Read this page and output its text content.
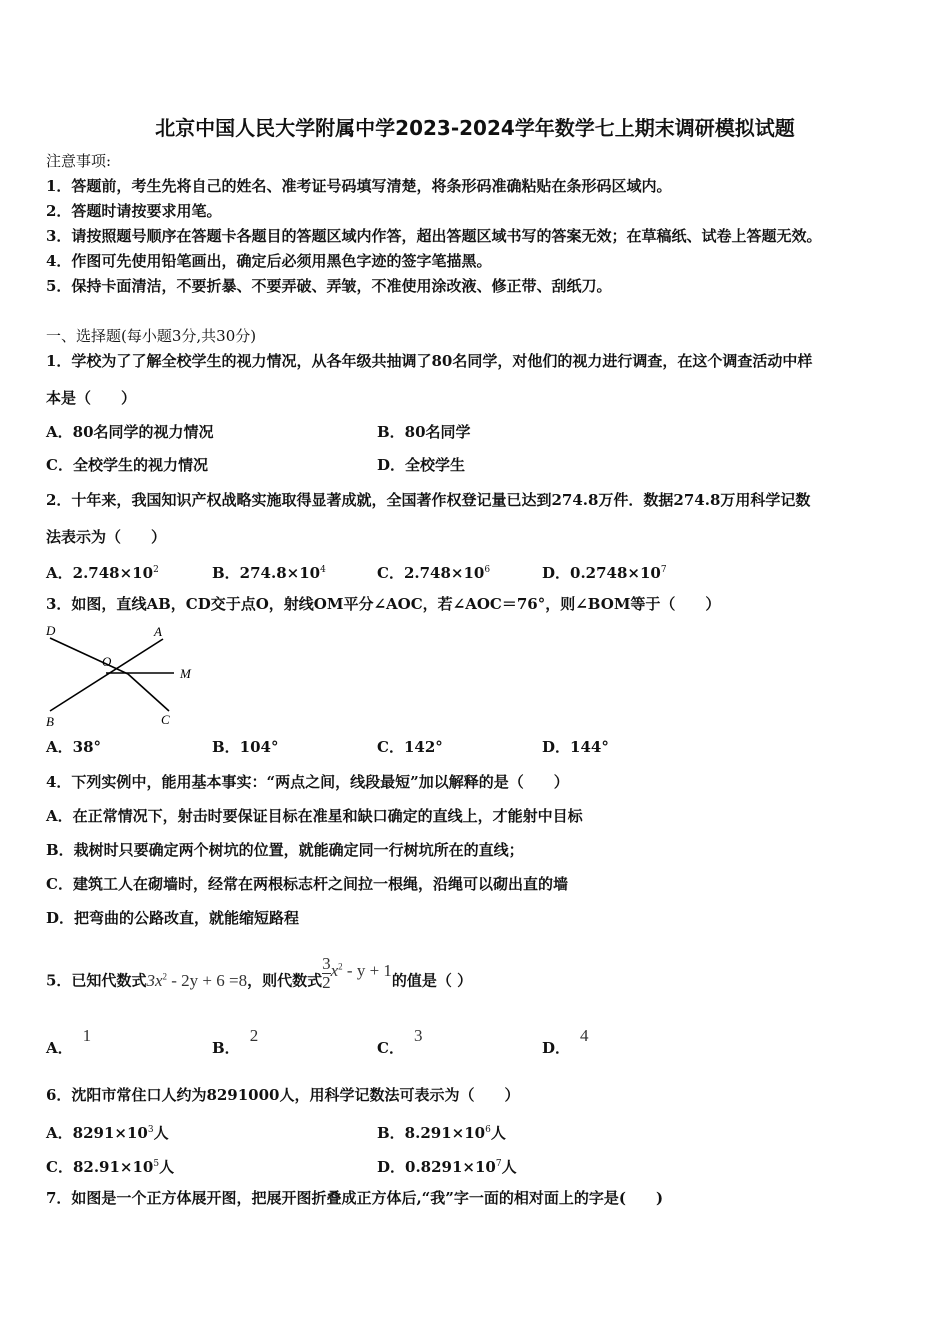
北京中国人民大学附属中学2023-2024学年数学七上期末调研模拟试题
注意事项:
1．答题前，考生先将自己的姓名、准考证号码填写清楚，将条形码准确粘贴在条形码区域内。
2．答题时请按要求用笔。
3．请按照题号顺序在答题卡各题目的答题区域内作答，超出答题区域书写的答案无效；在草稿纸、试卷上答题无效。
4．作图可先使用铅笔画出，确定后必须用黑色字迹的签字笔描黑。
5．保持卡面清洁，不要折暴、不要弄破、弄皱，不准使用涂改液、修正带、刮纸刀。
一、选择题(每小题3分,共30分)
1．学校为了了解全校学生的视力情况，从各年级共抽调了80名同学，对他们的视力进行调查，在这个调查活动中样
本是（　　）
A．80名同学的视力情况	B．80名同学
C．全校学生的视力情况	D．全校学生
2．十年来，我国知识产权战略实施取得显著成就，全国著作权登记量已达到274.8万件．数据274.8万用科学记数
法表示为（　　）
A．$2.748\times 10^2$	B．$274.8\times 10^4$	C．$2.748\times 10^6$	D．$0.2748\times 10^7$
3．如图，直线AB，CD交于点O，射线OM平分∠AOC，若∠AOC＝76°，则∠BOM等于（　　）
D	A
O
M
B	C
A．38°	B．104°	C．142°	D．144°
4．下列实例中，能用基本事实：“两点之间，线段最短”加以解释的是（　　）
A．在正常情况下，射击时要保证目标在准星和缺口确定的直线上，才能射中目标
B．栽树时只要确定两个树坑的位置，就能确定同一行树坑所在的直线；
C．建筑工人在砌墙时，经常在两根标志杆之间拉一根绳，沿绳可以砌出直的墙
D．把弯曲的公路改直，就能缩短路程
5．已知代数式$3x^2 - 2y + 6 =8$，则代数式 $\frac{3}{2} x^2 - y + 1$的值是（ ）
A．1
B．2
C．3
D．4
6．沈阳市常住口人约为8291000人，用科学记数法可表示为（　　）
A．$8291\times 10^3$人	B．$8.291\times 10^6$人
C．$82.91\times 10^5$人	D．$0.8291\times 10^7$人
7．如图是一个正方体展开图，把展开图折叠成正方体后,“我”字一面的相对面上的字是(　　)
